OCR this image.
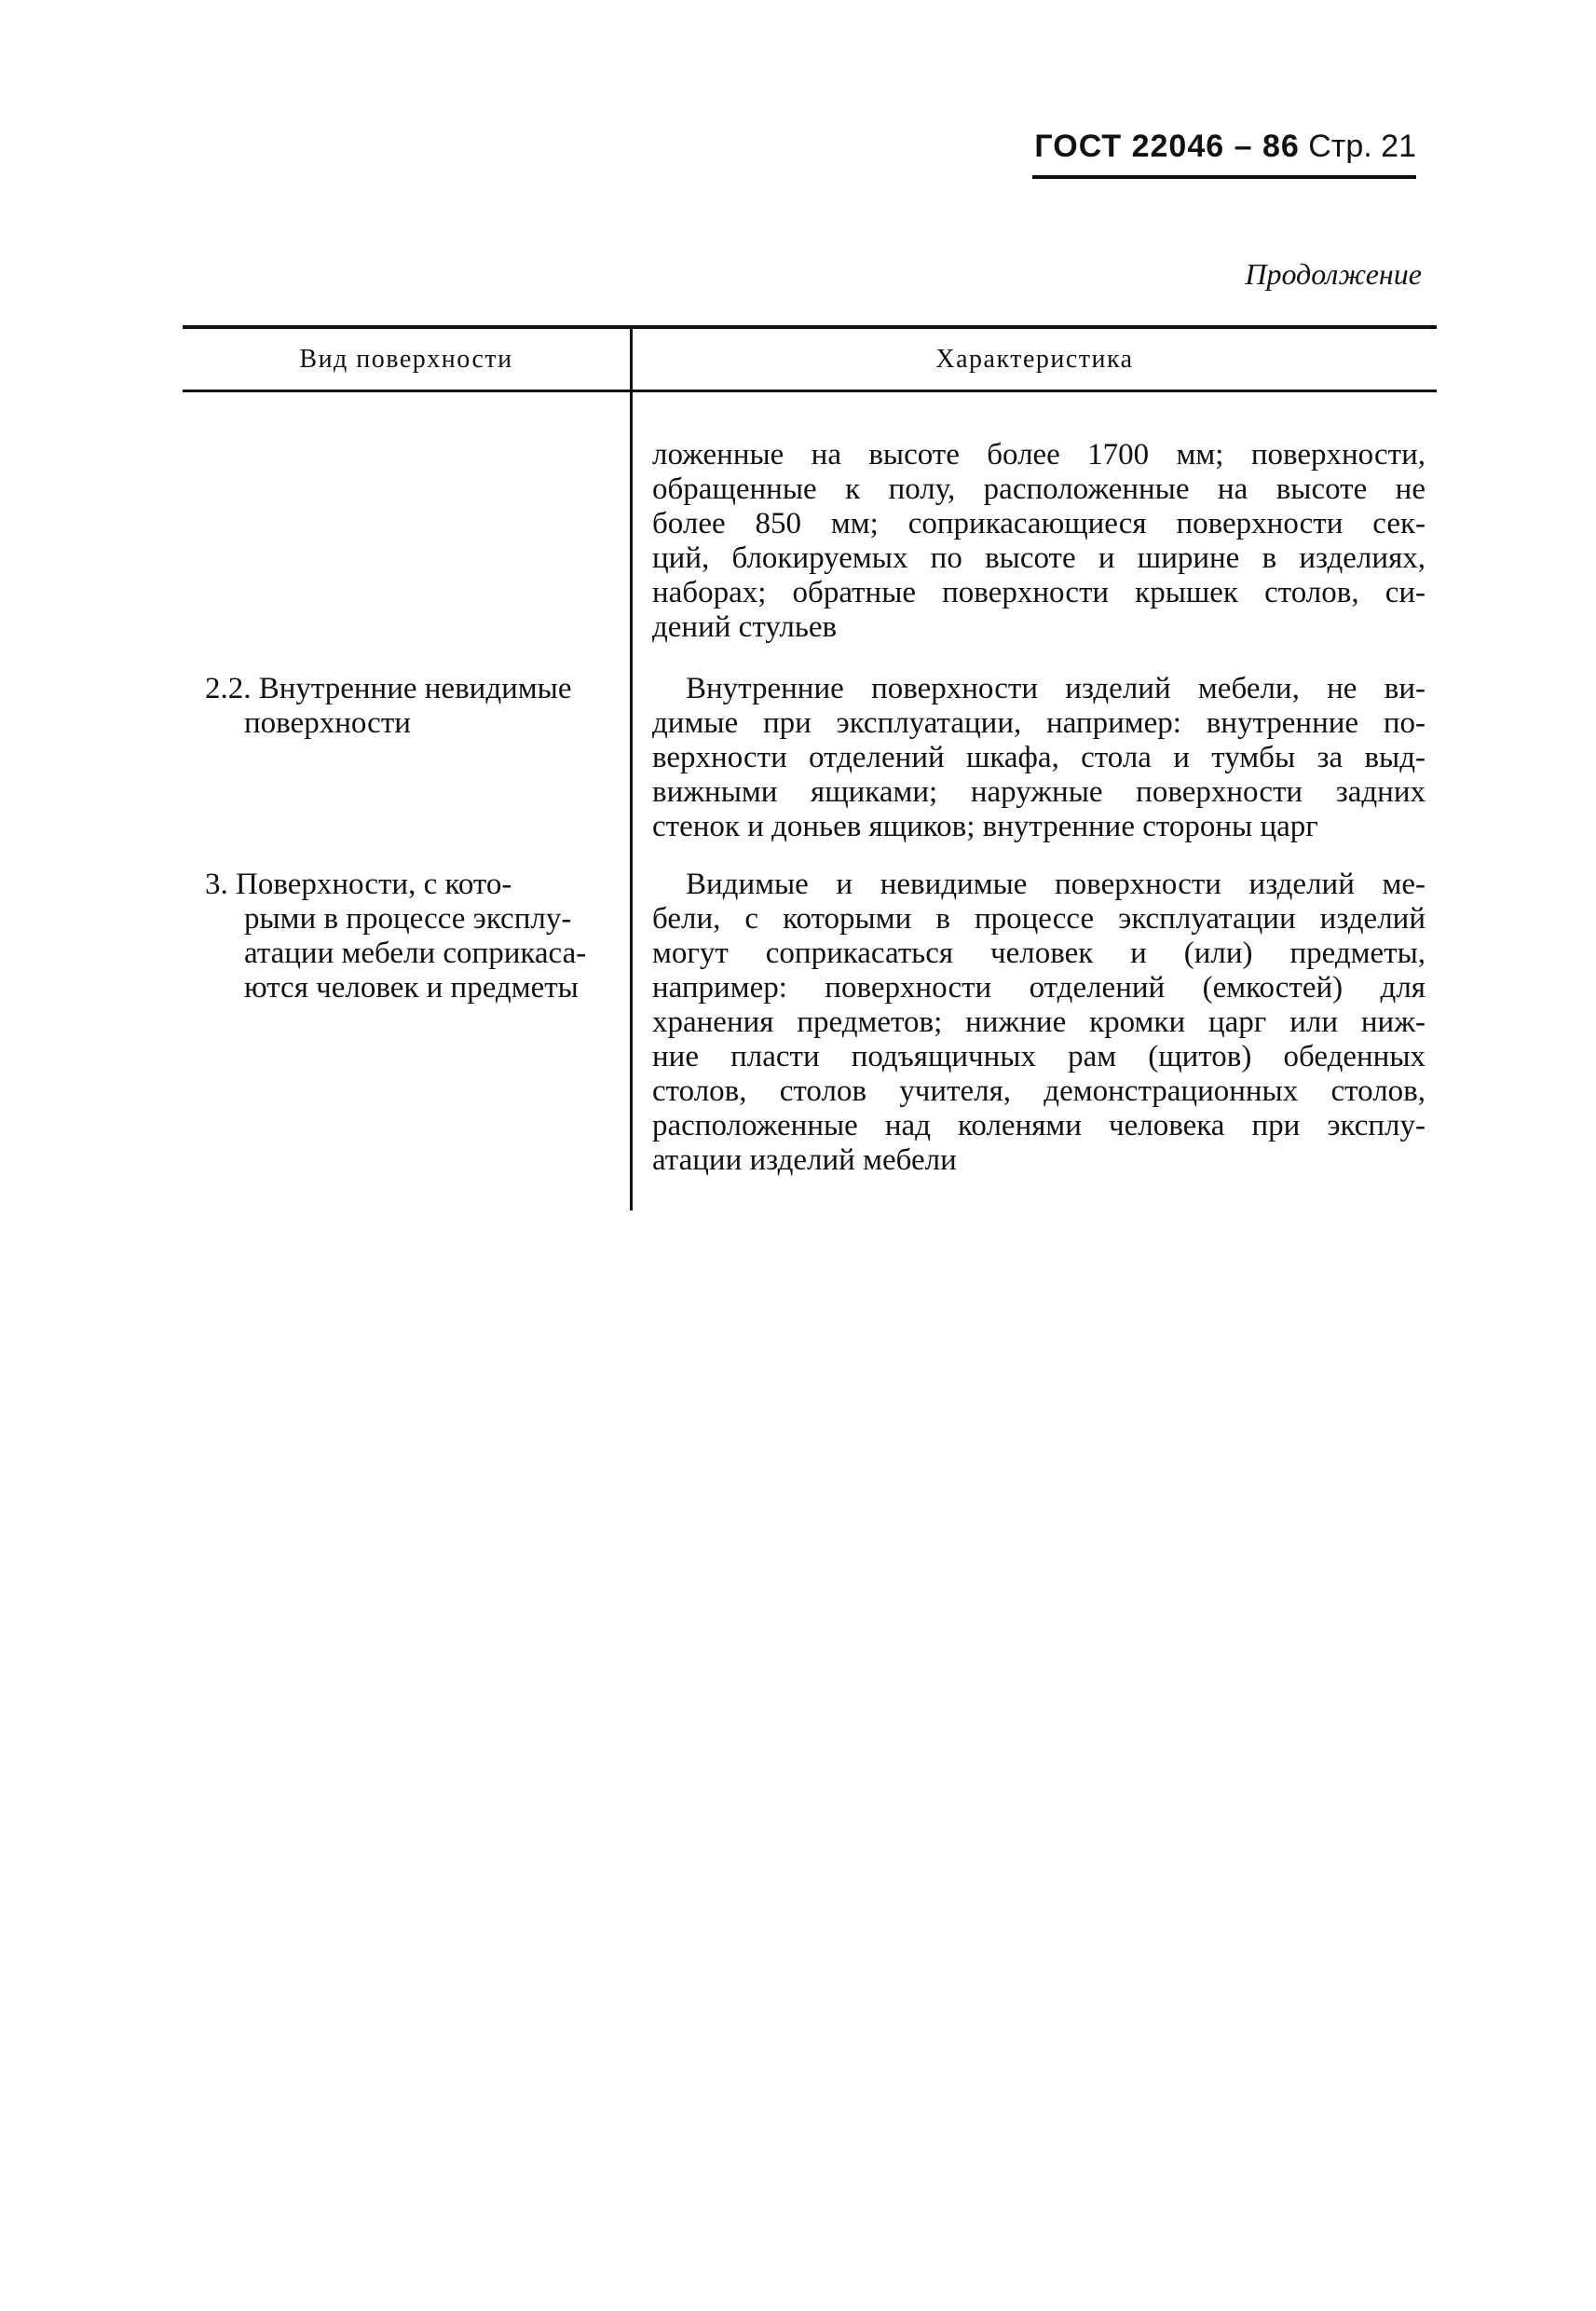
ГОСТ 22046 – 86 Стр. 21
Продолжение
Вид поверхности	Характеристика
ложенные на высоте более 1700 мм; поверхности,
обращенные к полу, расположенные на высоте не
более 850 мм; соприкасающиеся поверхности сек-
ций, блокируемых по высоте и ширине в изделиях,
наборах; обратные поверхности крышек столов, си-
дений стульев
2.2. Внутренние невидимые
поверхности
Внутренние поверхности изделий мебели, не ви-
димые при эксплуатации, например: внутренние по-
верхности отделений шкафа, стола и тумбы за выд-
вижными ящиками; наружные поверхности задних
стенок и доньев ящиков; внутренние стороны царг
3. Поверхности, с кото-
рыми в процессе эксплу-
атации мебели соприкаса-
ются человек и предметы
Видимые и невидимые поверхности изделий ме-
бели, с которыми в процессе эксплуатации изделий
могут соприкасаться человек и (или) предметы,
например: поверхности отделений (емкостей) для
хранения предметов; нижние кромки царг или ниж-
ние пласти подъящичных рам (щитов) обеденных
столов, столов учителя, демонстрационных столов,
расположенные над коленями человека при эксплу-
атации изделий мебели
